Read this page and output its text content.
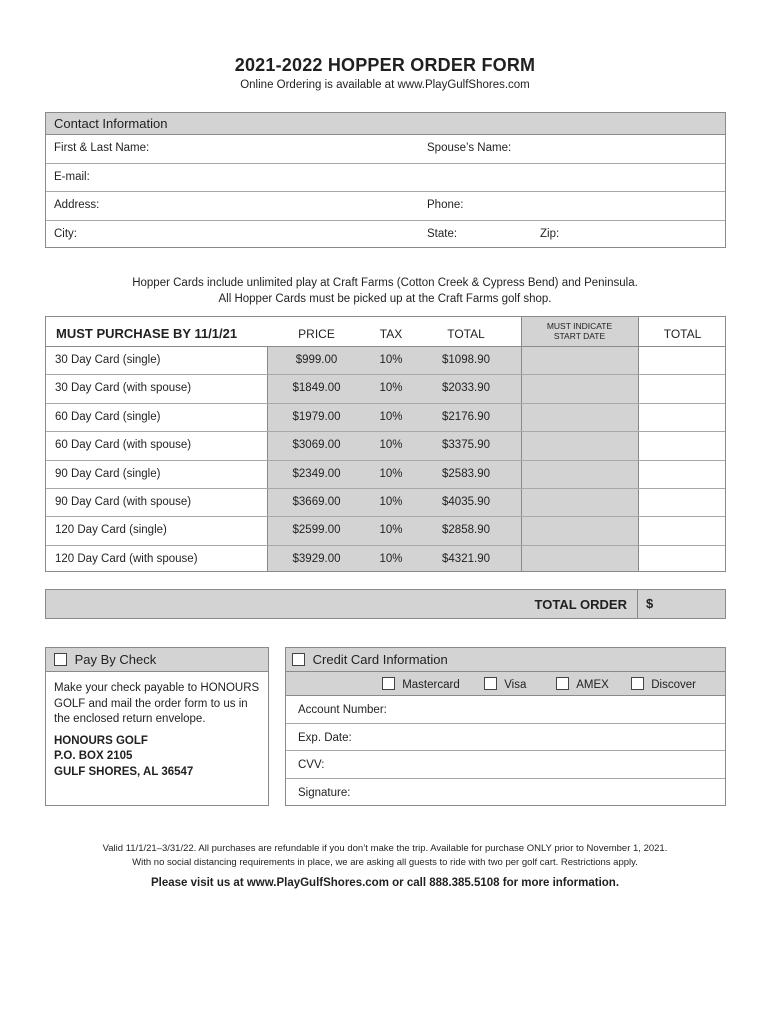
2021-2022 HOPPER ORDER FORM
Online Ordering is available at www.PlayGulfShores.com
Contact Information
First & Last Name:	Spouse’s Name:
E-mail:
Address:	Phone:
City:	State:	Zip:
Hopper Cards include unlimited play at Craft Farms (Cotton Creek & Cypress Bend) and Peninsula.
All Hopper Cards must be picked up at the Craft Farms golf shop.
MUST PURCHASE BY 11/1/21	PRICE	TAX	TOTAL
MUST INDICATE
START DATE	TOTAL
30 Day Card (single)	$999.00	10%	$1098.90
30 Day Card (with spouse)	$1849.00	10%	$2033.90
60 Day Card (single)	$1979.00	10%	$2176.90
60 Day Card (with spouse)	$3069.00	10%	$3375.90
90 Day Card (single)	$2349.00	10%	$2583.90
90 Day Card (with spouse)	$3669.00	10%	$4035.90
120 Day Card (single)	$2599.00	10%	$2858.90
120 Day Card (with spouse)	$3929.00	10%	$4321.90
TOTAL ORDER	$
Pay By Check
Make your check payable to HONOURS GOLF and mail the order form to us in the enclosed return envelope.
HONOURS GOLF
P.O. BOX 2105
GULF SHORES, AL 36547
Credit Card Information
Mastercard	Visa	AMEX	Discover
Account Number:
Exp. Date:
CVV:
Signature:
Valid 11/1/21–3/31/22. All purchases are refundable if you don’t make the trip. Available for purchase ONLY prior to November 1, 2021.
With no social distancing requirements in place, we are asking all guests to ride with two per golf cart. Restrictions apply.
Please visit us at www.PlayGulfShores.com or call 888.385.5108 for more information.
